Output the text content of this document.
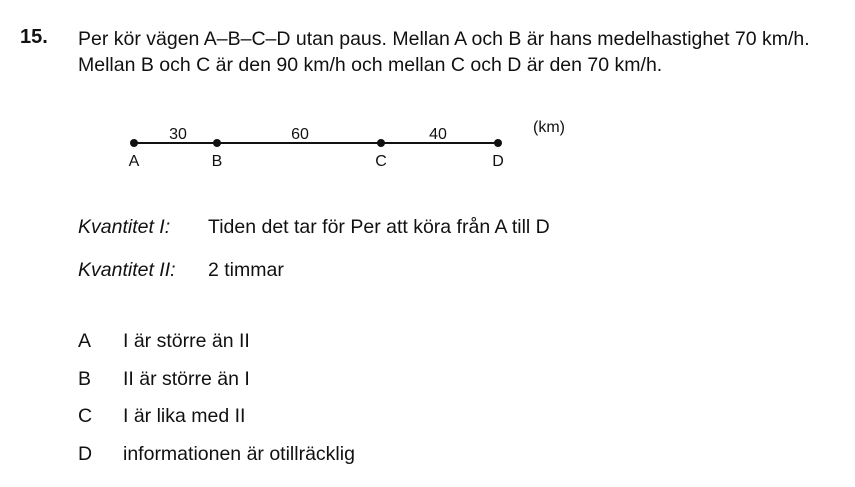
15. Per kör vägen A–B–C–D utan paus. Mellan A och B är hans medelhastighet 70 km/h.
Mellan B och C är den 90 km/h och mellan C och D är den 70 km/h.
A	B	C	D
30	60	40	(km)
Kvantitet I: Tiden det tar för Per att köra från A till D
Kvantitet II: 2 timmar
A I är större än II
B II är större än I
C I är lika med II
D informationen är otillräcklig
